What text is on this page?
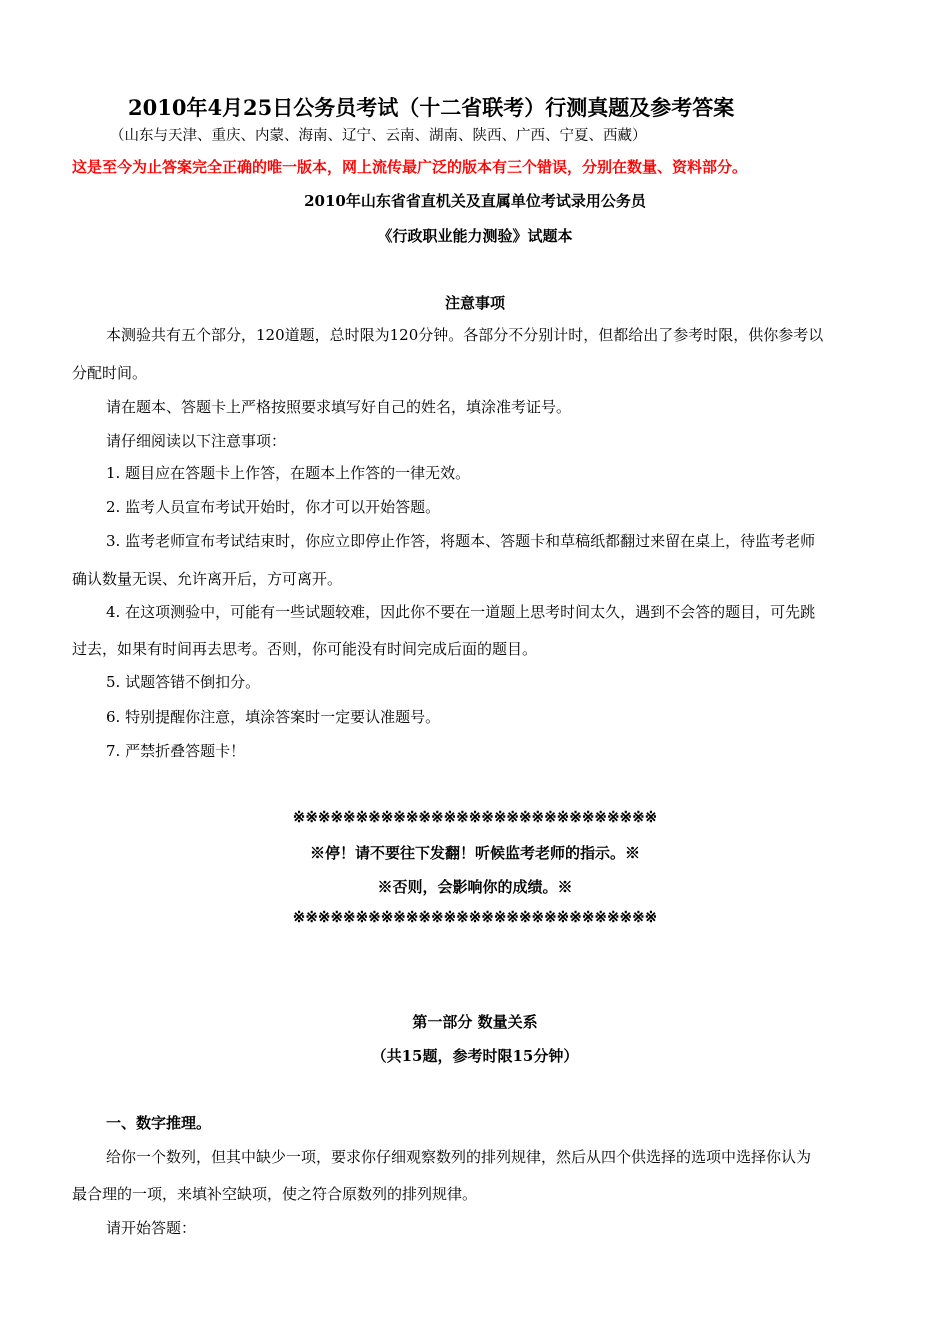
2010年4月25日公务员考试（十二省联考）行测真题及参考答案

（山东与天津、重庆、内蒙、海南、辽宁、云南、湖南、陕西、广西、宁夏、西藏）

这是至今为止答案完全正确的唯一版本，网上流传最广泛的版本有三个错误，分别在数量、资料部分。

2010年山东省省直机关及直属单位考试录用公务员

《行政职业能力测验》试题本

注意事项

本测验共有五个部分，120道题，总时限为120分钟。各部分不分别计时，但都给出了参考时限，供你参考以

分配时间。

请在题本、答题卡上严格按照要求填写好自己的姓名，填涂准考证号。

请仔细阅读以下注意事项：

1. 题目应在答题卡上作答，在题本上作答的一律无效。

2. 监考人员宣布考试开始时，你才可以开始答题。

3. 监考老师宣布考试结束时，你应立即停止作答，将题本、答题卡和草稿纸都翻过来留在桌上，待监考老师

确认数量无误、允许离开后，方可离开。

4. 在这项测验中，可能有一些试题较难，因此你不要在一道题上思考时间太久，遇到不会答的题目，可先跳

过去，如果有时间再去思考。否则，你可能没有时间完成后面的题目。

5. 试题答错不倒扣分。

6. 特别提醒你注意，填涂答案时一定要认准题号。

7. 严禁折叠答题卡！

※※※※※※※※※※※※※※※※※※※※※※※※※※※※※

※停！请不要往下发翻！听候监考老师的指示。※

※否则，会影响你的成绩。※

※※※※※※※※※※※※※※※※※※※※※※※※※※※※※

第一部分 数量关系

（共15题，参考时限15分钟）

一、数字推理。

给你一个数列，但其中缺少一项，要求你仔细观察数列的排列规律，然后从四个供选择的选项中选择你认为

最合理的一项，来填补空缺项，使之符合原数列的排列规律。

请开始答题：
